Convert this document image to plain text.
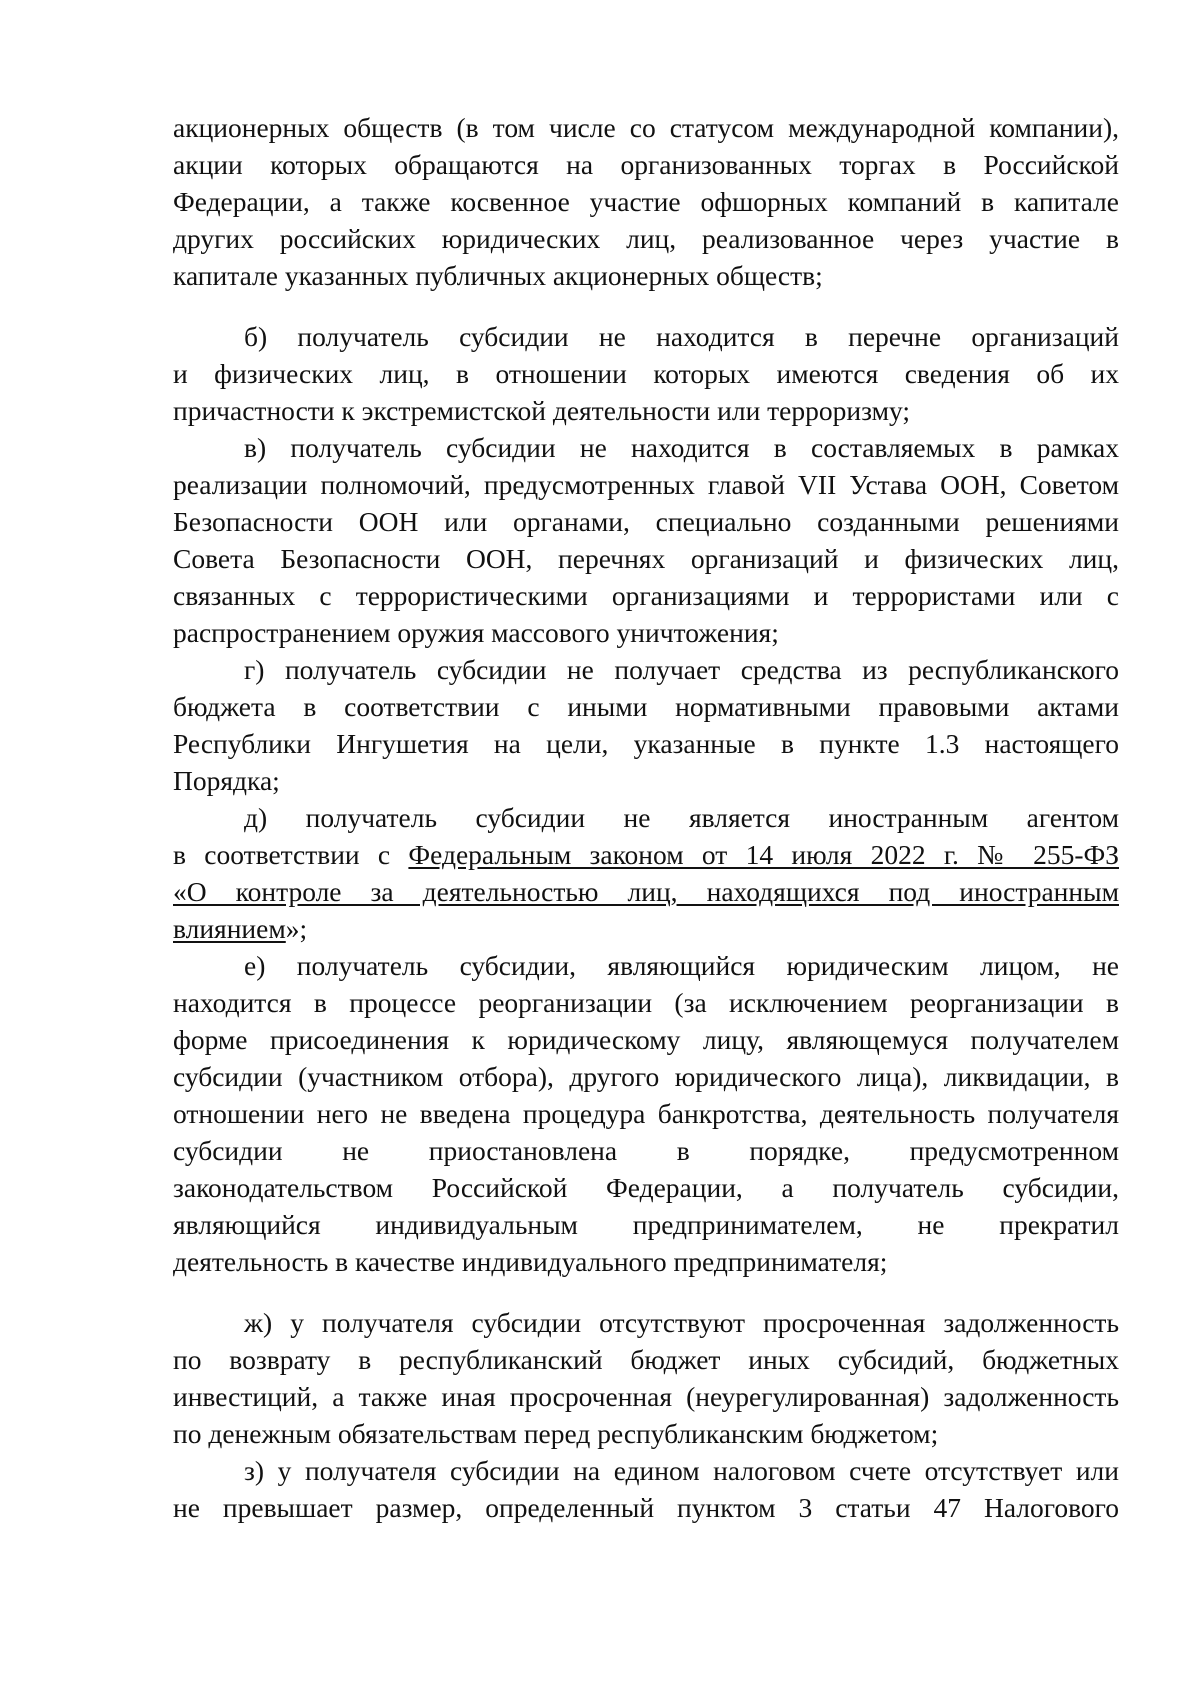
акционерных обществ (в том числе со статусом международной компании),

акции которых обращаются на организованных торгах в Российской

Федерации, а также косвенное участие офшорных компаний в капитале

других российских юридических лиц, реализованное через участие в

капитале указанных публичных акционерных обществ;

б) получатель субсидии не находится в перечне организаций

и физических лиц, в отношении которых имеются сведения об их

причастности к экстремистской деятельности или терроризму;

в) получатель субсидии не находится в составляемых в рамках

реализации полномочий, предусмотренных главой VII Устава ООН, Советом

Безопасности ООН или органами, специально созданными решениями

Совета Безопасности ООН, перечнях организаций и физических лиц,

связанных с террористическими организациями и террористами или с

распространением оружия массового уничтожения;

г) получатель субсидии не получает средства из республиканского

бюджета в соответствии с иными нормативными правовыми актами

Республики Ингушетия на цели, указанные в пункте 1.3 настоящего

Порядка;

д) получатель субсидии не является иностранным агентом

в соответствии с Федеральным законом от 14 июля 2022 г. № 255-ФЗ

«О контроле за деятельностью лиц, находящихся под иностранным

влиянием»;

е) получатель субсидии, являющийся юридическим лицом, не

находится в процессе реорганизации (за исключением реорганизации в

форме присоединения к юридическому лицу, являющемуся получателем

субсидии (участником отбора), другого юридического лица), ликвидации, в

отношении него не введена процедура банкротства, деятельность получателя

субсидии не приостановлена в порядке, предусмотренном

законодательством Российской Федерации, а получатель субсидии,

являющийся индивидуальным предпринимателем, не прекратил

деятельность в качестве индивидуального предпринимателя;

ж) у получателя субсидии отсутствуют просроченная задолженность

по возврату в республиканский бюджет иных субсидий, бюджетных

инвестиций, а также иная просроченная (неурегулированная) задолженность

по денежным обязательствам перед республиканским бюджетом;

з) у получателя субсидии на едином налоговом счете отсутствует или

не превышает размер, определенный пунктом 3 статьи 47 Налогового
